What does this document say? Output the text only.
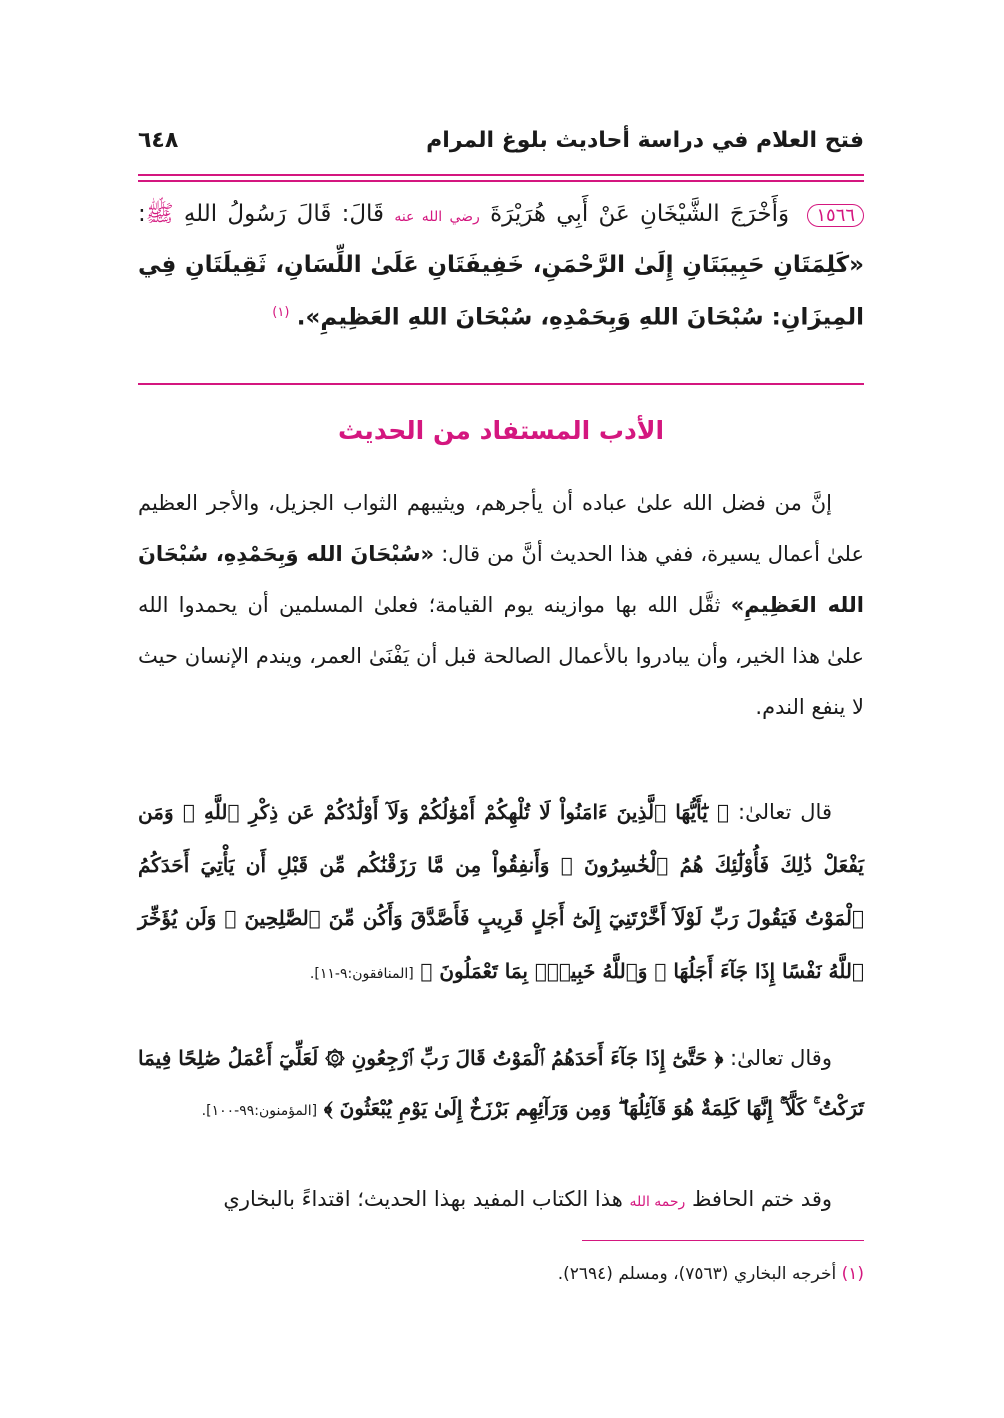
فتح العلام في دراسة أحاديث بلوغ المرام
٦٤٨
١٥٦٦ وَأَخْرَجَ الشَّيْخَانِ عَنْ أَبِي هُرَيْرَةَ رضي الله عنه قَالَ: قَالَ رَسُولُ اللهِ ﷺ: «كَلِمَتَانِ حَبِيبَتَانِ إِلَىٰ الرَّحْمَنِ، خَفِيفَتَانِ عَلَىٰ اللِّسَانِ، ثَقِيلَتَانِ فِي المِيزَانِ: سُبْحَانَ اللهِ وَبِحَمْدِهِ، سُبْحَانَ اللهِ العَظِيمِ». $^{(١)}$
الأدب المستفاد من الحديث
إنَّ من فضل الله علىٰ عباده أن يأجرهم، ويثيبهم الثواب الجزيل، والأجر العظيم علىٰ أعمال يسيرة، ففي هذا الحديث أنَّ من قال: «سُبْحَانَ الله وَبِحَمْدِهِ، سُبْحَانَ الله العَظِيمِ» ثقَّل الله بها موازينه يوم القيامة؛ فعلىٰ المسلمين أن يحمدوا الله علىٰ هذا الخير، وأن يبادروا بالأعمال الصالحة قبل أن يَفْنَىٰ العمر، ويندم الإنسان حيث لا ينفع الندم.
قال تعالىٰ: ﴿ يَٰٓأَيُّهَا ٱلَّذِينَ ءَامَنُواْ لَا تُلْهِكُمْ أَمْوَٰلُكُمْ وَلَآ أَوْلَٰدُكُمْ عَن ذِكْرِ ٱللَّهِ ۚ وَمَن يَفْعَلْ ذَٰلِكَ فَأُوْلَٰٓئِكَ هُمُ ٱلْخَٰسِرُونَ ۞ وَأَنفِقُواْ مِن مَّا رَزَقْنَٰكُم مِّن قَبْلِ أَن يَأْتِيَ أَحَدَكُمُ ٱلْمَوْتُ فَيَقُولَ رَبِّ لَوْلَآ أَخَّرْتَنِيٓ إِلَىٰٓ أَجَلٍ قَرِيبٍ فَأَصَّدَّقَ وَأَكُن مِّنَ ٱلصَّٰلِحِينَ ۞ وَلَن يُؤَخِّرَ ٱللَّهُ نَفْسًا إِذَا جَآءَ أَجَلُهَا ۚ وَٱللَّهُ خَبِيرٌۢ بِمَا تَعْمَلُونَ ﴾ [المنافقون:٩-١١].
وقال تعالىٰ: ﴿ حَتَّىٰٓ إِذَا جَآءَ أَحَدَهُمُ ٱلْمَوْتُ قَالَ رَبِّ ٱرْجِعُونِ ۞ لَعَلِّيٓ أَعْمَلُ صَٰلِحًا فِيمَا تَرَكْتُ ۚ كَلَّآ ۚ إِنَّهَا كَلِمَةٌ هُوَ قَآئِلُهَا ۖ وَمِن وَرَآئِهِم بَرْزَخٌ إِلَىٰ يَوْمِ يُبْعَثُونَ ﴾ [المؤمنون:٩٩-١٠٠].
وقد ختم الحافظ رحمه الله هذا الكتاب المفيد بهذا الحديث؛ اقتداءً بالبخاري
(١) أخرجه البخاري (٧٥٦٣)، ومسلم (٢٦٩٤).
